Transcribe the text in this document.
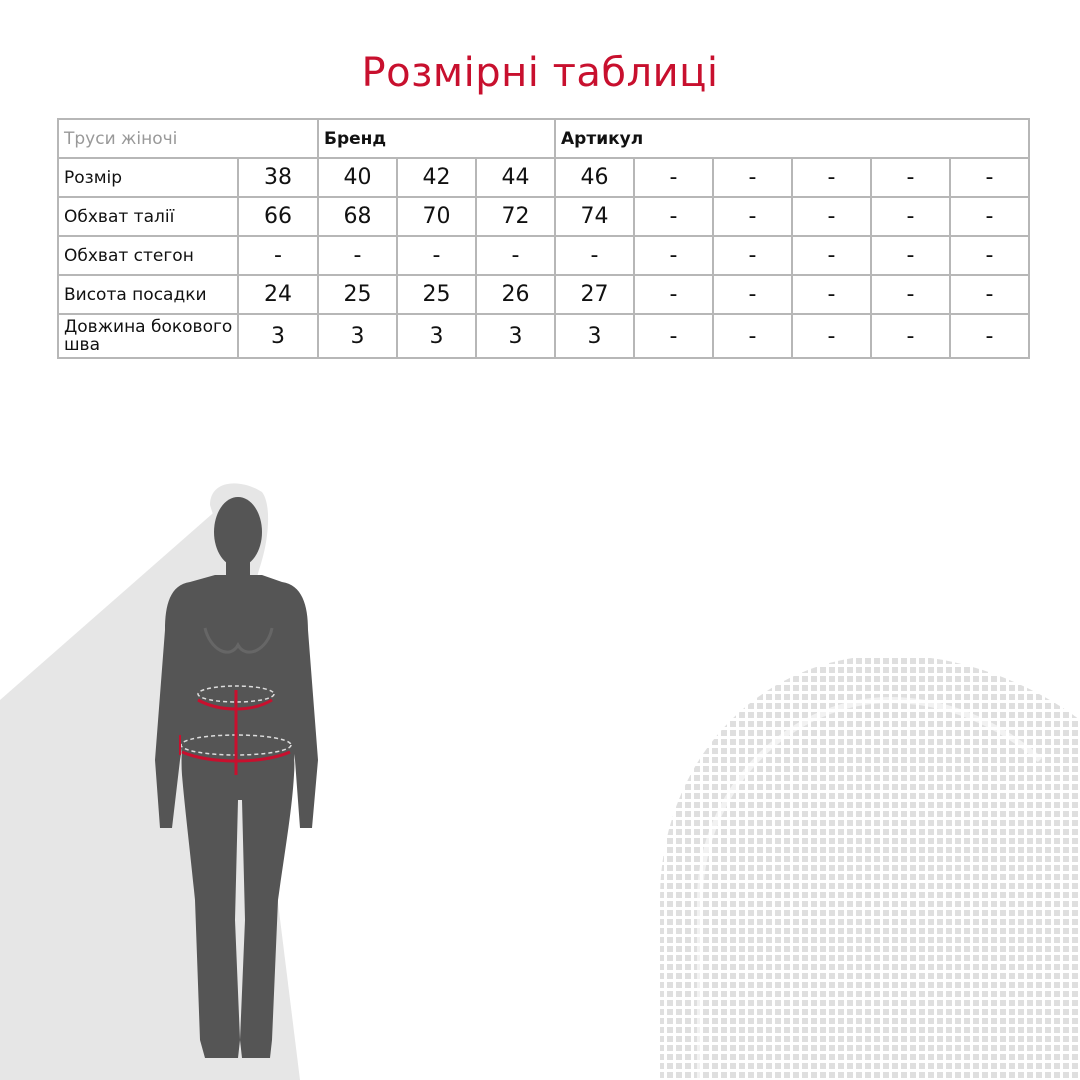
Розмірні таблиці
Труси жіночі		Бренд			Артикул					
Розмір	38	40	42	44	46	-	-	-	-	-
Обхват талії	66	68	70	72	74	-	-	-	-	-
Обхват стегон	-	-	-	-	-	-	-	-	-	-
Висота посадки	24	25	25	26	27	-	-	-	-	-
Довжина бокового шва	3	3	3	3	3	-	-	-	-	-
